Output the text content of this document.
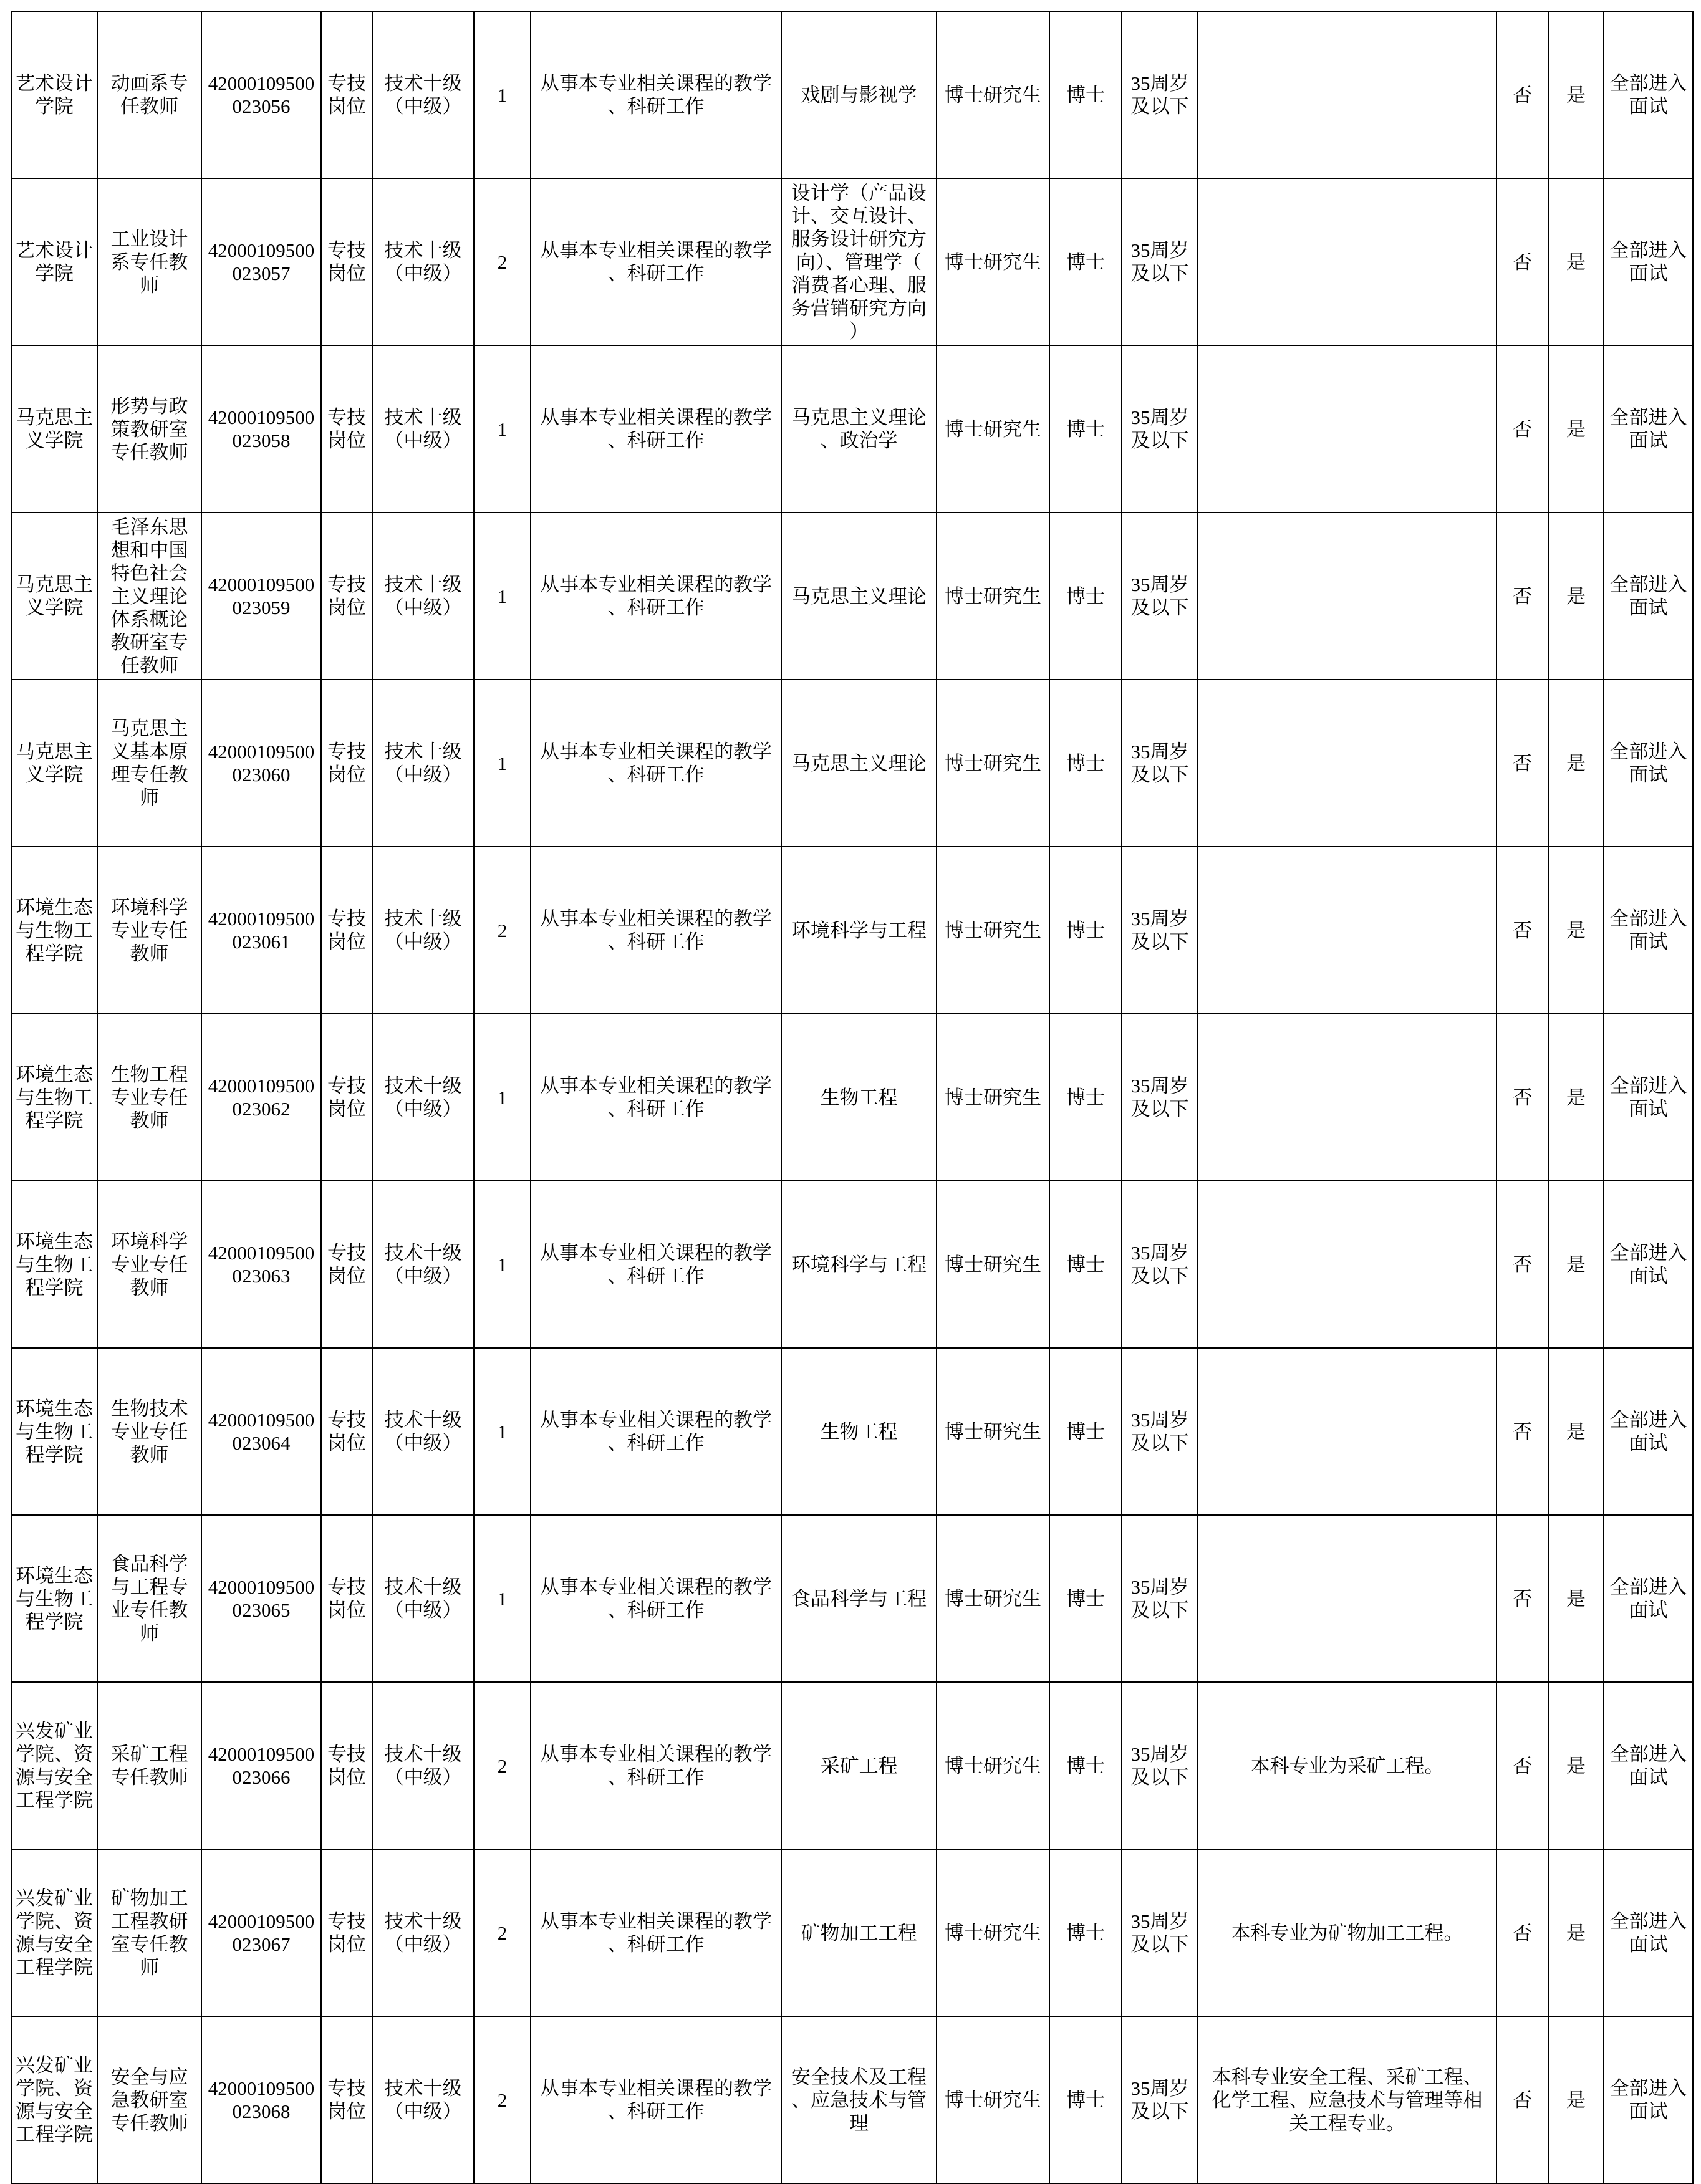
艺术设计学院	动画系专任教师	42000109500023056	专技岗位	技术十级（中级）	1	从事本专业相关课程的教学、科研工作	戏剧与影视学	博士研究生	博士	35周岁及以下		否	是	全部进入面试
艺术设计学院	工业设计系专任教师	42000109500023057	专技岗位	技术十级（中级）	2	从事本专业相关课程的教学、科研工作	设计学（产品设计、交互设计、服务设计研究方向）、管理学（消费者心理、服务营销研究方向）	博士研究生	博士	35周岁及以下		否	是	全部进入面试
马克思主义学院	形势与政策教研室专任教师	42000109500023058	专技岗位	技术十级（中级）	1	从事本专业相关课程的教学、科研工作	马克思主义理论、政治学	博士研究生	博士	35周岁及以下		否	是	全部进入面试
马克思主义学院	毛泽东思想和中国特色社会主义理论体系概论教研室专任教师	42000109500023059	专技岗位	技术十级（中级）	1	从事本专业相关课程的教学、科研工作	马克思主义理论	博士研究生	博士	35周岁及以下		否	是	全部进入面试
马克思主义学院	马克思主义基本原理专任教师	42000109500023060	专技岗位	技术十级（中级）	1	从事本专业相关课程的教学、科研工作	马克思主义理论	博士研究生	博士	35周岁及以下		否	是	全部进入面试
环境生态与生物工程学院	环境科学专业专任教师	42000109500023061	专技岗位	技术十级（中级）	2	从事本专业相关课程的教学、科研工作	环境科学与工程	博士研究生	博士	35周岁及以下		否	是	全部进入面试
环境生态与生物工程学院	生物工程专业专任教师	42000109500023062	专技岗位	技术十级（中级）	1	从事本专业相关课程的教学、科研工作	生物工程	博士研究生	博士	35周岁及以下		否	是	全部进入面试
环境生态与生物工程学院	环境科学专业专任教师	42000109500023063	专技岗位	技术十级（中级）	1	从事本专业相关课程的教学、科研工作	环境科学与工程	博士研究生	博士	35周岁及以下		否	是	全部进入面试
环境生态与生物工程学院	生物技术专业专任教师	42000109500023064	专技岗位	技术十级（中级）	1	从事本专业相关课程的教学、科研工作	生物工程	博士研究生	博士	35周岁及以下		否	是	全部进入面试
环境生态与生物工程学院	食品科学与工程专业专任教师	42000109500023065	专技岗位	技术十级（中级）	1	从事本专业相关课程的教学、科研工作	食品科学与工程	博士研究生	博士	35周岁及以下		否	是	全部进入面试
兴发矿业学院、资源与安全工程学院	采矿工程专任教师	42000109500023066	专技岗位	技术十级（中级）	2	从事本专业相关课程的教学、科研工作	采矿工程	博士研究生	博士	35周岁及以下	本科专业为采矿工程。	否	是	全部进入面试
兴发矿业学院、资源与安全工程学院	矿物加工工程教研室专任教师	42000109500023067	专技岗位	技术十级（中级）	2	从事本专业相关课程的教学、科研工作	矿物加工工程	博士研究生	博士	35周岁及以下	本科专业为矿物加工工程。	否	是	全部进入面试
兴发矿业学院、资源与安全工程学院	安全与应急教研室专任教师	42000109500023068	专技岗位	技术十级（中级）	2	从事本专业相关课程的教学、科研工作	安全技术及工程、应急技术与管理	博士研究生	博士	35周岁及以下	本科专业安全工程、采矿工程、化学工程、应急技术与管理等相关工程专业。	否	是	全部进入面试
